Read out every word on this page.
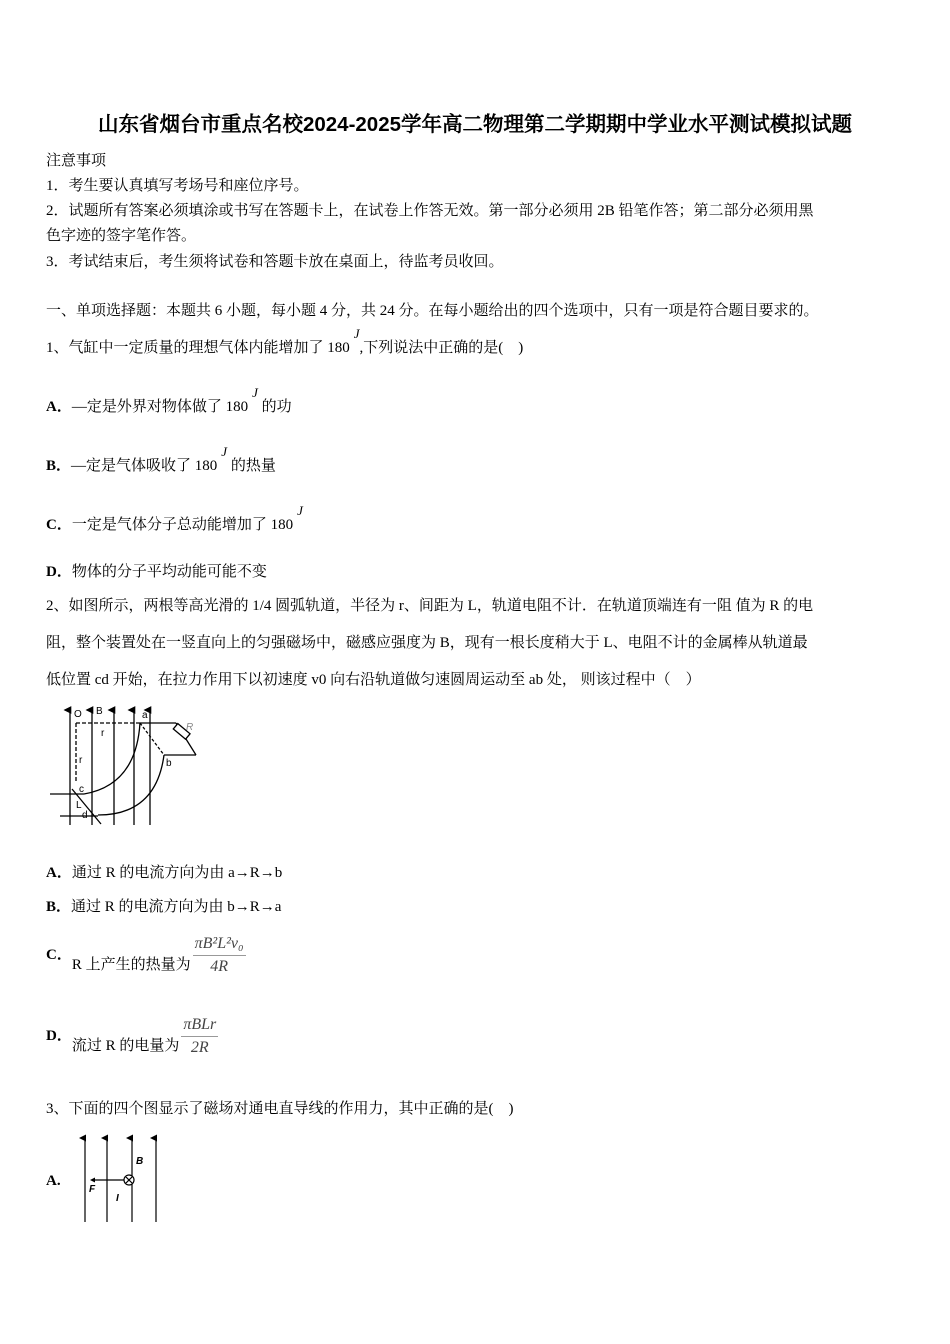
山东省烟台市重点名校2024-2025学年高二物理第二学期期中学业水平测试模拟试题
注意事项
1．考生要认真填写考场号和座位序号。
2．试题所有答案必须填涂或书写在答题卡上，在试卷上作答无效。第一部分必须用 2B 铅笔作答；第二部分必须用黑
色字迹的签字笔作答。
3．考试结束后，考生须将试卷和答题卡放在桌面上，待监考员收回。
一、单项选择题：本题共 6 小题，每小题 4 分，共 24 分。在每小题给出的四个选项中，只有一项是符合题目要求的。
1、气缸中一定质量的理想气体内能增加了 180J,下列说法中正确的是(　)
A．—定是外界对物体做了 180J 的功
B．—定是气体吸收了 180J 的热量
C．一定是气体分子总动能增加了 180J
D．物体的分子平均动能可能不变
2、如图所示，两根等高光滑的 1/4 圆弧轨道，半径为 r、间距为 L，轨道电阻不计．在轨道顶端连有一阻 值为 R 的电
阻，整个装置处在一竖直向上的匀强磁场中，磁感应强度为 B，现有一根长度稍大于 L、电阻不计的金属棒从轨道最
低位置 cd 开始，在拉力作用下以初速度 v0 向右沿轨道做匀速圆周运动至 ab 处， 则该过程中（　）
O B
r
r
a
b
c
d
L
R
A．通过 R 的电流方向为由 a→R→b
B．通过 R 的电流方向为由 b→R→a
C．R 上产生的热量为 $\frac{\text{πB²L²v₀}}{4R}$
D．流过 R 的电量为 $\frac{\text{πBLr}}{2R}$
3、下面的四个图显示了磁场对通电直导线的作用力，其中正确的是(　)
A.
B
F
I
